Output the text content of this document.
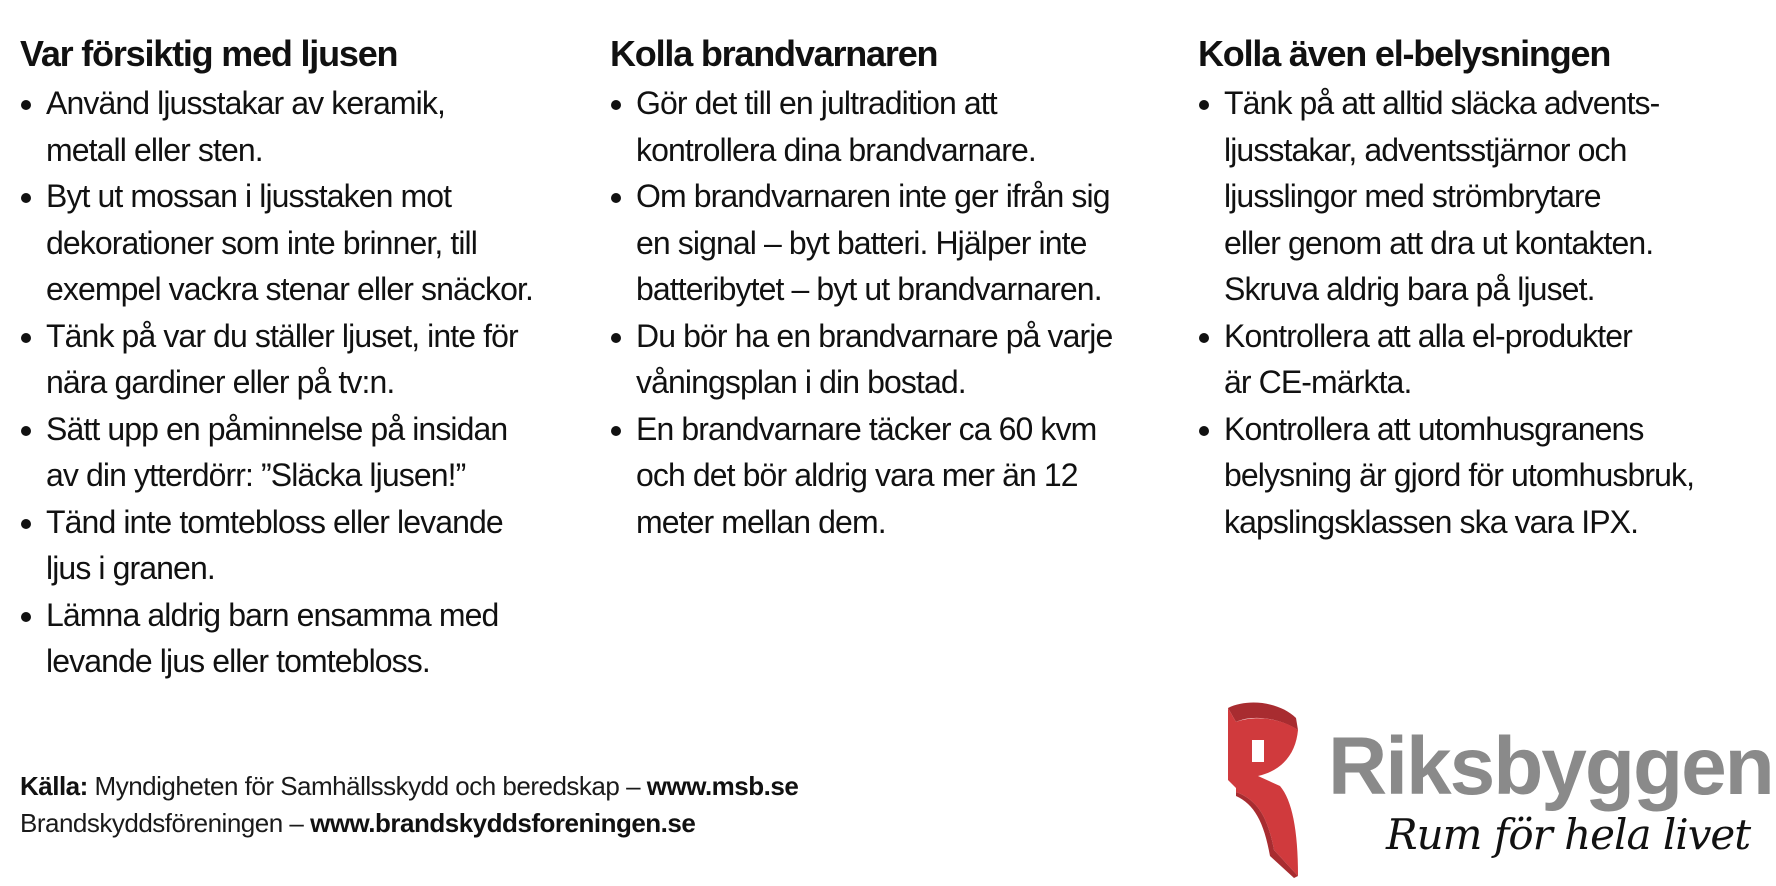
Var försiktig med ljusen
Använd ljusstakar av keramik,
metall eller sten.
Byt ut mossan i ljusstaken mot
dekorationer som inte brinner, till
exempel vackra stenar eller snäckor.
Tänk på var du ställer ljuset, inte för
nära gardiner eller på tv:n.
Sätt upp en påminnelse på insidan
av din ytterdörr: ”Släcka ljusen!”
Tänd inte tomtebloss eller levande
ljus i granen.
Lämna aldrig barn ensamma med
levande ljus eller tomtebloss.
Kolla brandvarnaren
Gör det till en jultradition att
kontrollera dina brandvarnare.
Om brandvarnaren inte ger ifrån sig
en signal – byt batteri. Hjälper inte
batteribytet – byt ut brandvarnaren.
Du bör ha en brandvarnare på varje
våningsplan i din bostad.
En brandvarnare täcker ca 60 kvm
och det bör aldrig vara mer än 12
meter mellan dem.
Kolla även el-belysningen
Tänk på att alltid släcka advents-
ljusstakar, adventsstjärnor och
ljusslingor med strömbrytare
eller genom att dra ut kontakten.
Skruva aldrig bara på ljuset.
Kontrollera att alla el-produkter
är CE-märkta.
Kontrollera att utomhusgranens
belysning är gjord för utomhusbruk,
kapslingsklassen ska vara IPX.
Källa: Myndigheten för Samhällsskydd och beredskap – www.msb.se
Brandskyddsföreningen – www.brandskyddsforeningen.se
Riksbyggen
Rum för hela livet
